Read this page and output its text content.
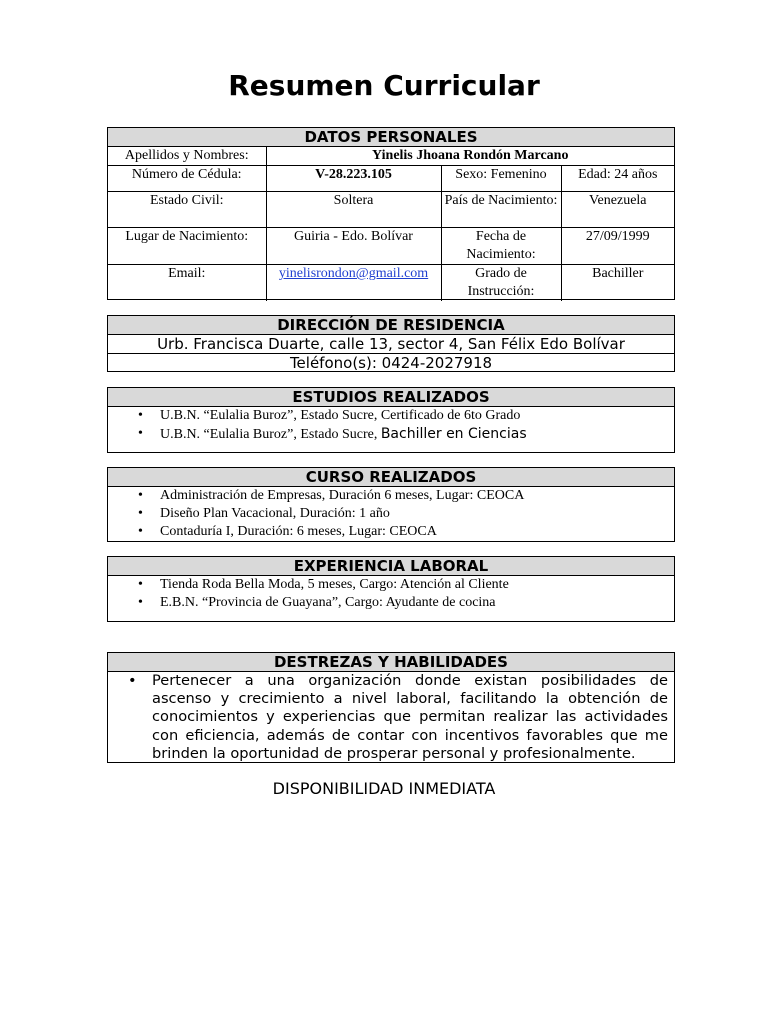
Resumen Curricular
DATOS PERSONALES
Apellidos y Nombres:	Yinelis Jhoana Rondón Marcano		
Número de Cédula:	V-28.223.105	Sexo: Femenino	Edad: 24 años
Estado Civil:	Soltera	País de Nacimiento:	Venezuela
Lugar de Nacimiento:	Guiria - Edo. Bolívar	Fecha de Nacimiento:	27/09/1999
Email:	yinelisrondon@gmail.com	Grado de Instrucción:	Bachiller
DIRECCIÓN DE RESIDENCIA
Urb. Francisca Duarte, calle 13, sector 4, San Félix Edo Bolívar
Teléfono(s): 0424-2027918
ESTUDIOS REALIZADOS
• U.B.N. “Eulalia Buroz”, Estado Sucre, Certificado de 6to Grado
• U.B.N. “Eulalia Buroz”, Estado Sucre, Bachiller en Ciencias
CURSO REALIZADOS
• Administración de Empresas, Duración 6 meses, Lugar: CEOCA
• Diseño Plan Vacacional, Duración: 1 año
• Contaduría I, Duración: 6 meses, Lugar: CEOCA
EXPERIENCIA LABORAL
• Tienda Roda Bella Moda, 5 meses, Cargo: Atención al Cliente
• E.B.N. “Provincia de Guayana”, Cargo: Ayudante de cocina
DESTREZAS Y HABILIDADES
• Pertenecer a una organización donde existan posibilidades de ascenso y crecimiento a nivel laboral, facilitando la obtención de conocimientos y experiencias que permitan realizar las actividades con eficiencia, además de contar con incentivos favorables que me brinden la oportunidad de prosperar personal y profesionalmente.
DISPONIBILIDAD INMEDIATA
